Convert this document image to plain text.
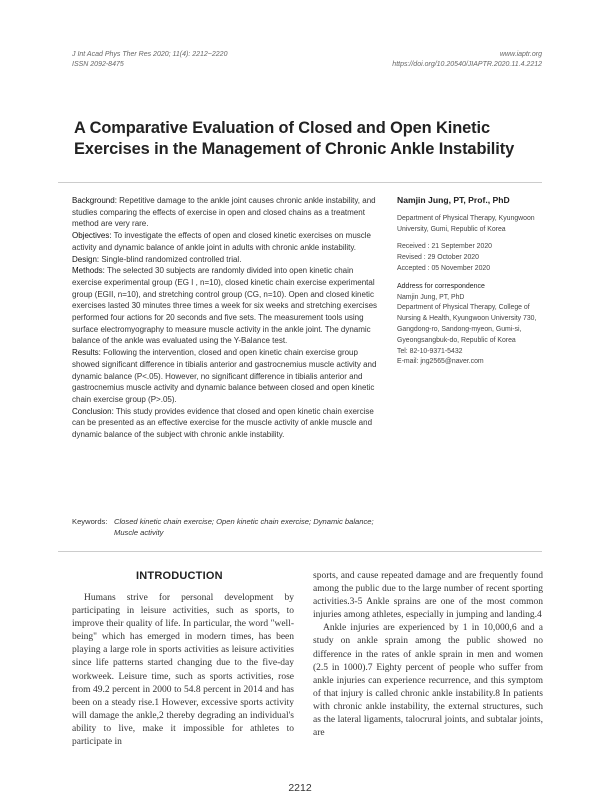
J Int Acad Phys Ther Res 2020; 11(4): 2212~2220
ISSN 2092-8475
www.iaptr.org
https://doi.org/10.20540/JIAPTR.2020.11.4.2212
A Comparative Evaluation of Closed and Open Kinetic Exercises in the Management of Chronic Ankle Instability

Background: Repetitive damage to the ankle joint causes chronic ankle instability, and studies comparing the effects of exercise in open and closed chains as a treatment method are very rare.

Objectives: To investigate the effects of open and closed kinetic exercises on muscle activity and dynamic balance of ankle joint in adults with chronic ankle instability.

Design: Single-blind randomized controlled trial.

Methods: The selected 30 subjects are randomly divided into open kinetic chain exercise experimental group (EG I , n=10), closed kinetic chain exercise experimental group (EGII, n=10), and stretching control group (CG, n=10). Open and closed kinetic exercises lasted 30 minutes three times a week for six weeks and stretching exercises performed four actions for 20 seconds and five sets. The measurement tools using surface electromyography to measure muscle activity in the ankle joint. The dynamic balance of the ankle was evaluated using the Y-Balance test.

Results: Following the intervention, closed and open kinetic chain exercise group showed significant difference in tibialis anterior and gastrocnemius muscle activity and dynamic balance (P<.05). However, no significant difference in tibialis anterior and gastrocnemius muscle activity and dynamic balance between closed and open kinetic chain exercise group (P>.05).

Conclusion: This study provides evidence that closed and open kinetic chain exercise can be presented as an effective exercise for the muscle activity of ankle muscle and dynamic balance of the subject with chronic ankle instability.

Keywords: Closed kinetic chain exercise; Open kinetic chain exercise; Dynamic balance; Muscle activity
Namjin Jung, PT, Prof., PhD

Department of Physical Therapy, Kyungwoon University, Gumi, Republic of Korea

Received : 21 September 2020

Revised : 29 October 2020

Accepted : 05 November 2020

Address for correspondence

Namjin Jung, PT, PhD

Department of Physical Therapy, College of Nursing & Health, Kyungwoon University 730, Gangdong-ro, Sandong-myeon, Gumi-si, Gyeongsangbuk-do, Republic of Korea

Tel: 82-10-9371-5432

E-mail: jng2565@naver.com

INTRODUCTION

Humans strive for personal development by participating in leisure activities, such as sports, to improve their quality of life. In particular, the word "well-being" which has emerged in modern times, has been playing a large role in sports activities as leisure activities since life patterns started changing due to the five-day workweek. Leisure time, such as sports activities, rose from 49.2 percent in 2000 to 54.8 percent in 2014 and has been on a steady rise.1 However, excessive sports activity will damage the ankle,2 thereby degrading an individual's ability to live, make it impossible for athletes to participate in

sports, and cause repeated damage and are frequently found among the public due to the large number of recent sporting activities.3-5 Ankle sprains are one of the most common injuries among athletes, especially in jumping and landing.4

Ankle injuries are experienced by 1 in 10,000,6 and a study on ankle sprain among the public showed no difference in the rates of ankle sprain in men and women (2.5 in 1000).7 Eighty percent of people who suffer from ankle injuries can experience recurrence, and this symptom of that injury is called chronic ankle instability.8 In patients with chronic ankle instability, the external structures, such as the lateral ligaments, talocrural joints, and subtalar joints, are

2212
